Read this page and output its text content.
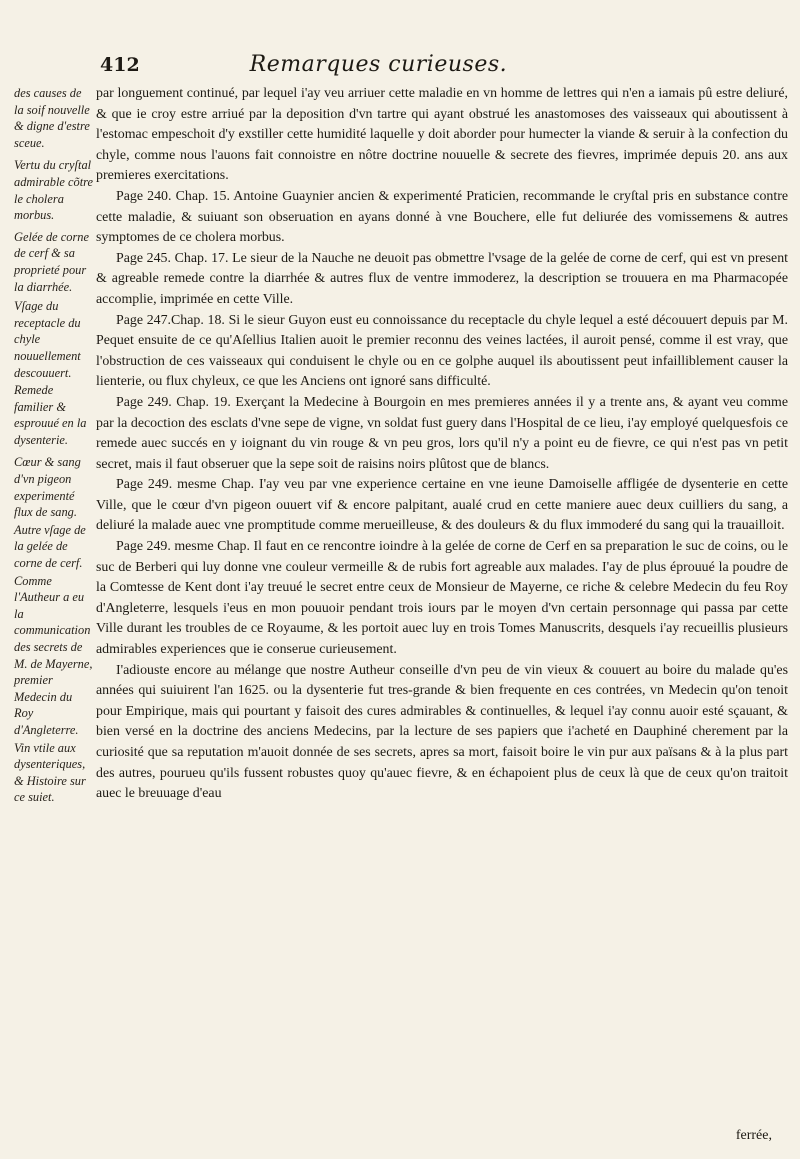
412	Remarques curieuses.
des causes de la soif nouvelle & digne d'estre sceue.
Vertu du cryſtal admirable cõtre le cholera morbus.
Gelée de corne de cerf & sa proprieté pour la diarrhée.
Vſage du receptacle du chyle nouuellement descouuert.
Remede familier & esprouué en la dysenterie.
Cœur & sang d'vn pigeon experimenté flux de sang.
Autre vſage de la gelée de corne de cerf.
Comme l'Autheur a eu la communication des secrets de M. de Mayerne, premier Medecin du Roy d'Angleterre.
Vin vtile aux dysenteriques, & Histoire sur ce suiet.

par longuement continué, par lequel i'ay veu arriuer cette maladie en vn homme de lettres qui n'en a iamais pû estre deliuré, & que ie croy estre arriué par la deposition d'vn tartre qui ayant obstrué les anastomoses des vaisseaux qui aboutissent à l'estomac empeschoit d'y exstiller cette humidité laquelle y doit aborder pour humecter la viande & seruir à la confection du chyle, comme nous l'auons fait connoistre en nôtre doctrine nouuelle & secrete des fievres, imprimée depuis 20. ans aux premieres exercitations.

Page 240. Chap. 15. Antoine Guaynier ancien & experimenté Praticien, recommande le cryſtal pris en substance contre cette maladie, & suiuant son obseruation en ayans donné à vne Bouchere, elle fut deliurée des vomissemens & autres symptomes de ce cholera morbus.

Page 245. Chap. 17. Le sieur de la Nauche ne deuoit pas obmettre l'vsage de la gelée de corne de cerf, qui est vn present & agreable remede contre la diarrhée & autres flux de ventre immoderez, la description se trouuera en ma Pharmacopée accomplie, imprimée en cette Ville.

Page 247.Chap. 18. Si le sieur Guyon eust eu connoissance du receptacle du chyle lequel a esté découuert depuis par M. Pequet ensuite de ce qu'Aſellius Italien auoit le premier reconnu des veines lactées, il auroit pensé, comme il est vray, que l'obstruction de ces vaisseaux qui conduisent le chyle ou en ce golphe auquel ils aboutissent peut infailliblement causer la lienterie, ou flux chyleux, ce que les Anciens ont ignoré sans difficulté.

Page 249. Chap. 19. Exerçant la Medecine à Bourgoin en mes premieres années il y a trente ans, & ayant veu comme par la decoction des esclats d'vne sepe de vigne, vn soldat fust guery dans l'Hospital de ce lieu, i'ay employé quelquesfois ce remede auec succés en y ioignant du vin rouge & vn peu gros, lors qu'il n'y a point eu de fievre, ce qui n'est pas vn petit secret, mais il faut obseruer que la sepe soit de raisins noirs plûtost que de blancs.

Page 249. mesme Chap. I'ay veu par vne experience certaine en vne ieune Damoiselle affligée de dysenterie en cette Ville, que le cœur d'vn pigeon ouuert vif & encore palpitant, aualé crud en cette maniere auec deux cuilliers du sang, a deliuré la malade auec vne promptitude comme merueilleuse, & des douleurs & du flux immoderé du sang qui la trauailloit.

Page 249. mesme Chap. Il faut en ce rencontre ioindre à la gelée de corne de Cerf en sa preparation le suc de coins, ou le suc de Berberi qui luy donne vne couleur vermeille & de rubis fort agreable aux malades. I'ay de plus éprouué la poudre de la Comtesse de Kent dont i'ay treuué le secret entre ceux de Monsieur de Mayerne, ce riche & celebre Medecin du feu Roy d'Angleterre, lesquels i'eus en mon pouuoir pendant trois iours par le moyen d'vn certain personnage qui passa par cette Ville durant les troubles de ce Royaume, & les portoit auec luy en trois Tomes Manuscrits, desquels i'ay recueillis plusieurs admirables experiences que ie conserue curieusement.

I'adiouste encore au mélange que nostre Autheur conseille d'vn peu de vin vieux & couuert au boire du malade qu'es années qui suiuirent l'an 1625. ou la dysenterie fut tres-grande & bien frequente en ces contrées, vn Medecin qu'on tenoit pour Empirique, mais qui pourtant y faisoit des cures admirables & continuelles, & lequel i'ay connu auoir esté sçauant, & bien versé en la doctrine des anciens Medecins, par la lecture de ses papiers que i'acheté en Dauphiné cherement par la curiosité que sa reputation m'auoit donnée de ses secrets, apres sa mort, faisoit boire le vin pur aux païsans & à la plus part des autres, pourueu qu'ils fussent robustes quoy qu'auec fievre, & en échapoient plus de ceux là que de ceux qu'on traitoit auec le breuuage d'eau

ferrée,
